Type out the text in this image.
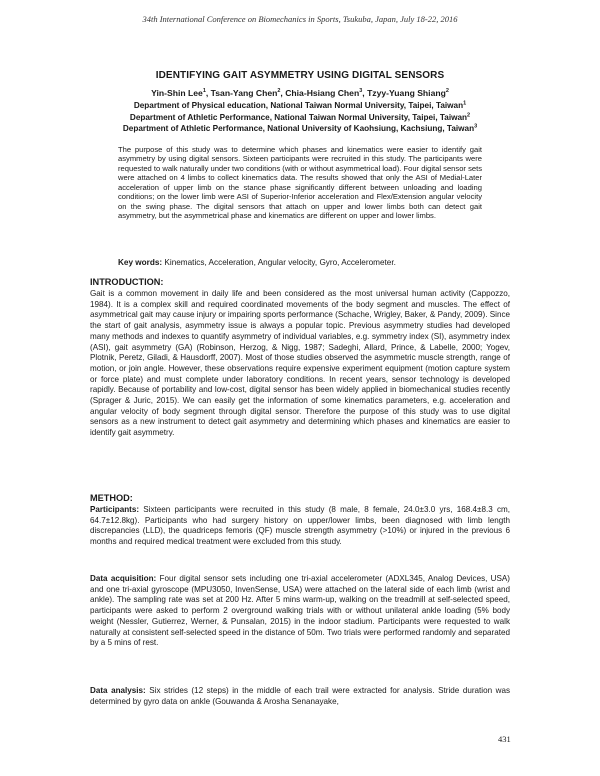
34th International Conference on Biomechanics in Sports, Tsukuba, Japan, July 18-22, 2016
IDENTIFYING GAIT ASYMMETRY USING DIGITAL SENSORS
Yin-Shin Lee$^1$, Tsan-Yang Chen$^2$, Chia-Hsiang Chen$^3$, Tzyy-Yuang Shiang$^2$
Department of Physical education, National Taiwan Normal University, Taipei, Taiwan$^1$
Department of Athletic Performance, National Taiwan Normal University, Taipei, Taiwan$^2$
Department of Athletic Performance, National University of Kaohsiung, Kachsiung, Taiwan$^3$

The purpose of this study was to determine which phases and kinematics were easier to identify gait asymmetry by using digital sensors. Sixteen participants were recruited in this study. The participants were requested to walk naturally under two conditions (with or without asymmetrical load). Four digital sensor sets were attached on 4 limbs to collect kinematics data. The results showed that only the ASI of Medial-Later acceleration of upper limb on the stance phase significantly different between unloading and loading conditions; on the lower limb were ASI of Superior-Inferior acceleration and Flex/Extension angular velocity on the swing phase. The digital sensors that attach on upper and lower limbs both can detect gait asymmetry, but the asymmetrical phase and kinematics are different on upper and lower limbs.

Key words: Kinematics, Acceleration, Angular velocity, Gyro, Accelerometer.

INTRODUCTION:

Gait is a common movement in daily life and been considered as the most universal human activity (Cappozzo, 1984). It is a complex skill and required coordinated movements of the body segment and muscles. The effect of asymmetrical gait may cause injury or impairing sports performance (Schache, Wrigley, Baker, & Pandy, 2009). Since the start of gait analysis, asymmetry issue is always a popular topic. Previous asymmetry studies had developed many methods and indexes to quantify asymmetry of individual variables, e.g. symmetry index (SI), asymmetry index (ASI), gait asymmetry (GA) (Robinson, Herzog, & Nigg, 1987; Sadeghi, Allard, Prince, & Labelle, 2000; Yogev, Plotnik, Peretz, Giladi, & Hausdorff, 2007). Most of those studies observed the asymmetric muscle strength, range of motion, or join angle. However, these observations require expensive experiment equipment (motion capture system or force plate) and must complete under laboratory conditions. In recent years, sensor technology is developed rapidly. Because of portability and low-cost, digital sensor has been widely applied in biomechanical studies recently (Sprager & Juric, 2015). We can easily get the information of some kinematics parameters, e.g. acceleration and angular velocity of body segment through digital sensor. Therefore the purpose of this study was to use digital sensors as a new instrument to detect gait asymmetry and determining which phases and kinematics are easier to identify gait asymmetry.

METHOD:

Participants: Sixteen participants were recruited in this study (8 male, 8 female, 24.0±3.0 yrs, 168.4±8.3 cm, 64.7±12.8kg). Participants who had surgery history on upper/lower limbs, been diagnosed with limb length discrepancies (LLD), the quadriceps femoris (QF) muscle strength asymmetry (>10%) or injured in the previous 6 months and required medical treatment were excluded from this study.

Data acquisition: Four digital sensor sets including one tri-axial accelerometer (ADXL345, Analog Devices, USA) and one tri-axial gyroscope (MPU3050, InvenSense, USA) were attached on the lateral side of each limb (wrist and ankle). The sampling rate was set at 200 Hz. After 5 mins warm-up, walking on the treadmill at self-selected speed, participants were asked to perform 2 overground walking trials with or without unilateral ankle loading (5% body weight (Nessler, Gutierrez, Werner, & Punsalan, 2015) in the indoor stadium. Participants were requested to walk naturally at consistent self-selected speed in the distance of 50m. Two trials were performed randomly and separated by a 5 mins of rest.

Data analysis: Six strides (12 steps) in the middle of each trail were extracted for analysis. Stride duration was determined by gyro data on ankle (Gouwanda & Arosha Senanayake,

431
